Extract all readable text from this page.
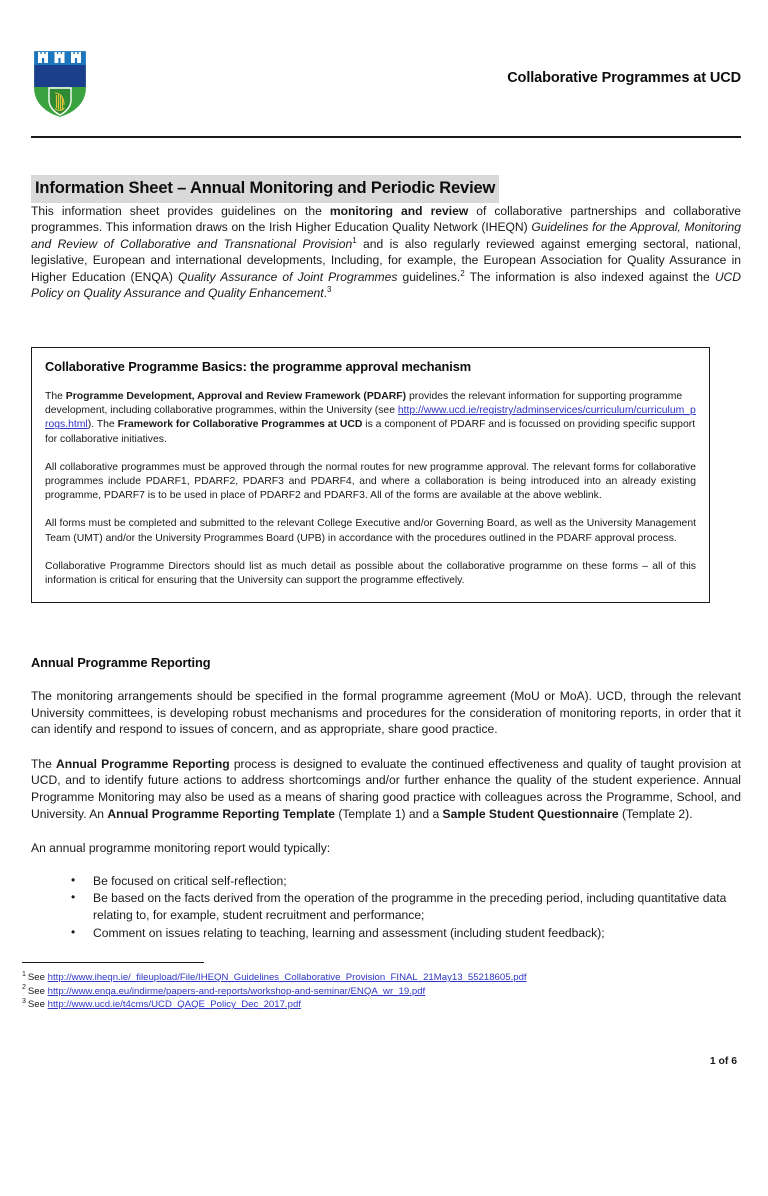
Collaborative Programmes at UCD
Information Sheet – Annual Monitoring and Periodic Review

This information sheet provides guidelines on the monitoring and review of collaborative partnerships and collaborative programmes. This information draws on the Irish Higher Education Quality Network (IHEQN) Guidelines for the Approval, Monitoring and Review of Collaborative and Transnational Provision$^1$ and is also regularly reviewed against emerging sectoral, national, legislative, European and international developments, Including, for example, the European Association for Quality Assurance in Higher Education (ENQA) Quality Assurance of Joint Programmes guidelines.$^2$ The information is also indexed against the UCD Policy on Quality Assurance and Quality Enhancement.$^3$

Collaborative Programme Basics: the programme approval mechanism

The Programme Development, Approval and Review Framework (PDARF) provides the relevant information for supporting programme development, including collaborative programmes, within the University (see http://www.ucd.ie/registry/adminservices/curriculum/curriculum_progs.html). The Framework for Collaborative Programmes at UCD is a component of PDARF and is focussed on providing specific support for collaborative initiatives.

All collaborative programmes must be approved through the normal routes for new programme approval. The relevant forms for collaborative programmes include PDARF1, PDARF2, PDARF3 and PDARF4, and where a collaboration is being introduced into an already existing programme, PDARF7 is to be used in place of PDARF2 and PDARF3. All of the forms are available at the above weblink.

All forms must be completed and submitted to the relevant College Executive and/or Governing Board, as well as the University Management Team (UMT) and/or the University Programmes Board (UPB) in accordance with the procedures outlined in the PDARF approval process.

Collaborative Programme Directors should list as much detail as possible about the collaborative programme on these forms – all of this information is critical for ensuring that the University can support the programme effectively.

Annual Programme Reporting

The monitoring arrangements should be specified in the formal programme agreement (MoU or MoA). UCD, through the relevant University committees, is developing robust mechanisms and procedures for the consideration of monitoring reports, in order that it can identify and respond to issues of concern, and as appropriate, share good practice.

The Annual Programme Reporting process is designed to evaluate the continued effectiveness and quality of taught provision at UCD, and to identify future actions to address shortcomings and/or further enhance the quality of the student experience. Annual Programme Monitoring may also be used as a means of sharing good practice with colleagues across the Programme, School, and University. An Annual Programme Reporting Template (Template 1) and a Sample Student Questionnaire (Template 2).

An annual programme monitoring report would typically:

• Be focused on critical self-reflection;
• Be based on the facts derived from the operation of the programme in the preceding period, including quantitative data relating to, for example, student recruitment and performance;
• Comment on issues relating to teaching, learning and assessment (including student feedback);
$^1$ See http://www.iheqn.ie/_fileupload/File/IHEQN_Guidelines_Collaborative_Provision_FINAL_21May13_55218605.pdf
$^2$ See http://www.enqa.eu/indirme/papers-and-reports/workshop-and-seminar/ENQA_wr_19.pdf
$^3$ See http://www.ucd.ie/t4cms/UCD_QAQE_Policy_Dec_2017.pdf
1 of 6
